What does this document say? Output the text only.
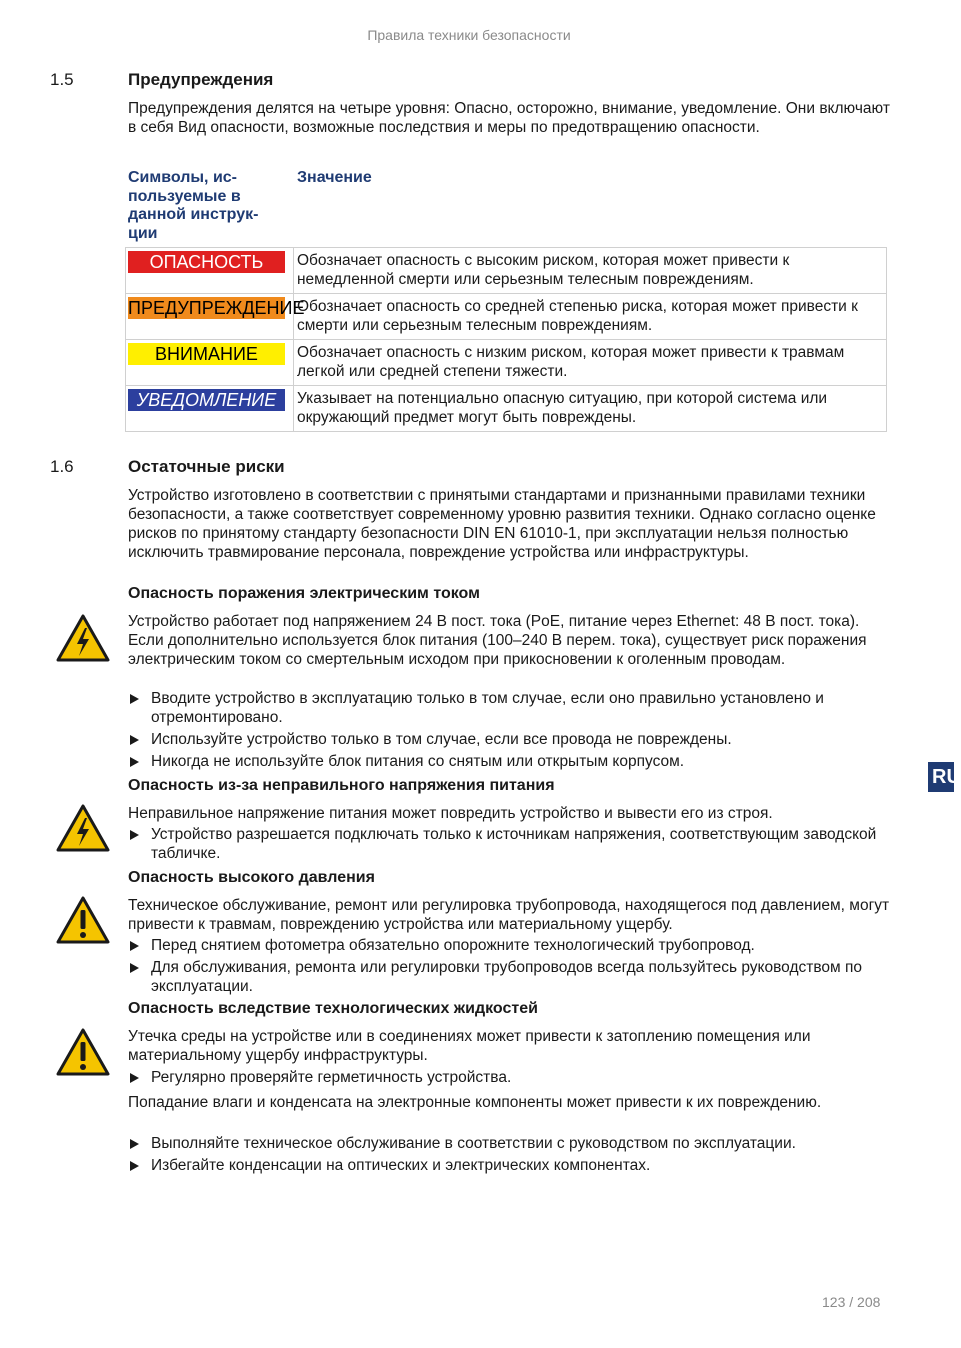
Правила техники безопасности
1.5	Предупреждения

Предупреждения делятся на четыре уровня: Опасно, осторожно, внимание, уведомление. Они включают в себя Вид опасности, возможные последствия и меры по предотвращению опасности.

Символы, ис-
пользуемые в
данной инструк-
ции
Значение
ОПАСНОСТЬ	Обозначает опасность с высоким риском, которая может привести к немедленной смерти или серьезным телесным повреждениям.

ПРЕДУПРЕЖДЕНИЕ	Обозначает опасность со средней степенью риска, которая может привести к смерти или серьезным телесным повреждениям.

ВНИМАНИЕ	Обозначает опасность с низким риском, которая может привести к травмам легкой или средней степени тяжести.

УВЕДОМЛЕНИЕ	Указывает на потенциально опасную ситуацию, при которой система или окружающий предмет могут быть повреждены.
1.6	Остаточные риски

Устройство изготовлено в соответствии с принятыми стандартами и признанными правилами техники безопасности, а также соответствует современному уровню развития техники. Однако согласно оценке рисков по принятому стандарту безопасности DIN EN 61010-1, при эксплуатации нельзя полностью исключить травмирование персонала, повреждение устройства или инфраструктуры.

Опасность поражения электрическим током

Устройство работает под напряжением 24 В пост. тока (PoE, питание через Ethernet: 48 В пост. тока). Если дополнительно используется блок питания (100–240 В перем. тока), существует риск поражения электрическим током со смертельным исходом при прикосновении к оголенным проводам.

Вводите устройство в эксплуатацию только в том случае, если оно правильно установлено и отремонтировано.
Используйте устройство только в том случае, если все провода не повреждены.
Никогда не используйте блок питания со снятым или открытым корпусом.
Опасность из-за неправильного напряжения питания

Неправильное напряжение питания может повредить устройство и вывести его из строя.

Устройство разрешается подключать только к источникам напряжения, соответствующим заводской табличке.
Опасность высокого давления

Техническое обслуживание, ремонт или регулировка трубопровода, находящегося под давлением, могут привести к травмам, повреждению устройства или материальному ущербу.

Перед снятием фотометра обязательно опорожните технологический трубопровод.
Для обслуживания, ремонта или регулировки трубопроводов всегда пользуйтесь руководством по эксплуатации.
Опасность вследствие технологических жидкостей

Утечка среды на устройстве или в соединениях может привести к затоплению помещения или материальному ущербу инфраструктуры.

Регулярно проверяйте герметичность устройства.

Попадание влаги и конденсата на электронные компоненты может привести к их повреждению.

Выполняйте техническое обслуживание в соответствии с руководством по эксплуатации.
Избегайте конденсации на оптических и электрических компонентах.
RU
123 / 208
